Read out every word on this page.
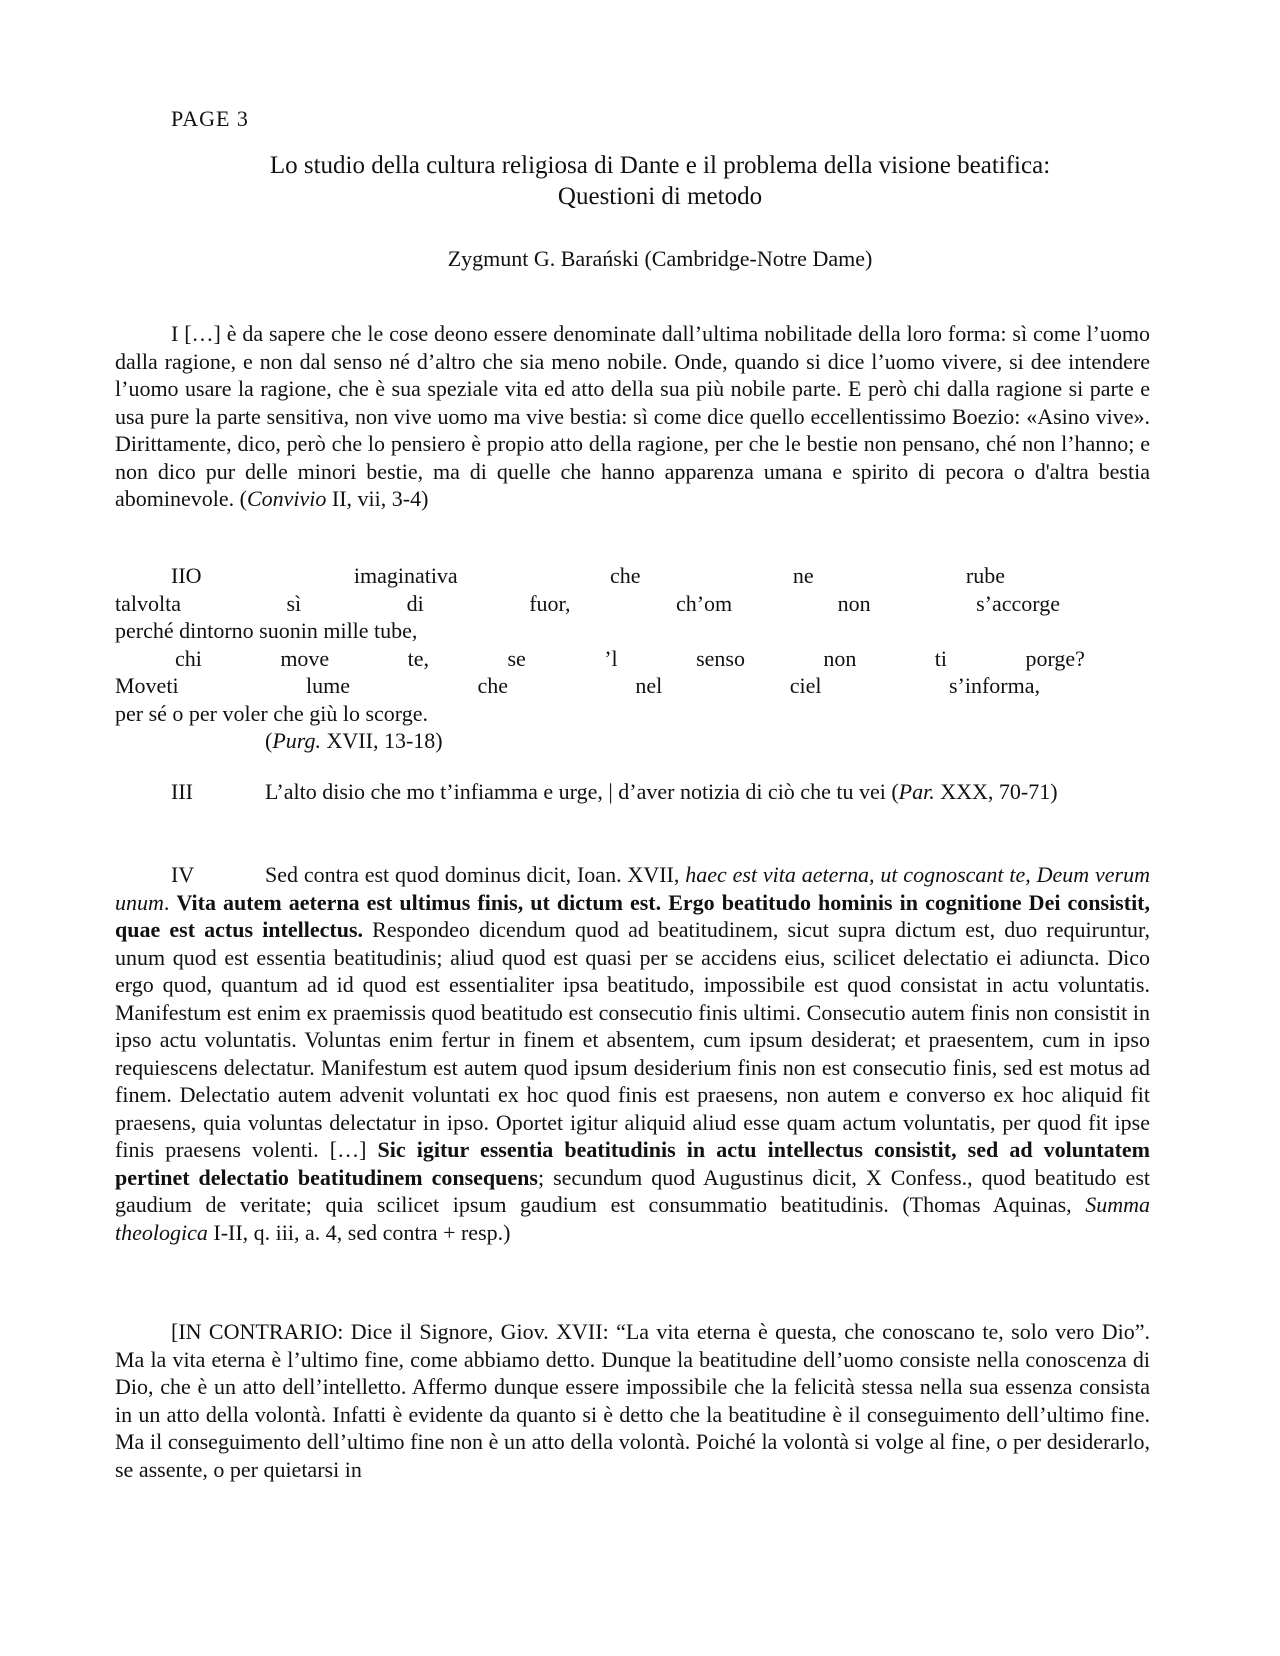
PAGE 3
Lo studio della cultura religiosa di Dante e il problema della visione beatifica:
Questioni di metodo
Zygmunt G. Barański (Cambridge-Notre Dame)
I […] è da sapere che le cose deono essere denominate dall’ultima nobilitade della loro forma: sì come l’uomo dalla ragione, e non dal senso né d’altro che sia meno nobile. Onde, quando si dice l’uomo vivere, si dee intendere l’uomo usare la ragione, che è sua speziale vita ed atto della sua più nobile parte. E però chi dalla ragione si parte e usa pure la parte sensitiva, non vive uomo ma vive bestia: sì come dice quello eccellentissimo Boezio: «Asino vive». Dirittamente, dico, però che lo pensiero è propio atto della ragione, per che le bestie non pensano, ché non l’hanno; e non dico pur delle minori bestie, ma di quelle che hanno apparenza umana e spirito di pecora o d'altra bestia abominevole. (Convivio II, vii, 3-4)
IIO	imaginativa	che	ne	rube
talvolta	sì	di	fuor,	ch’om	non	s’accorge
perché dintorno suonin mille tube,
chi	move	te,	se	’l	senso	non	ti	porge?
Moveti	lume	che	nel	ciel	s’informa,
per sé o per voler che giù lo scorge.
(Purg. XVII, 13-18)
III	L’alto disio che mo t’infiamma e urge, | d’aver notizia di ciò che tu vei (Par. XXX, 70-71)
IV	Sed contra est quod dominus dicit, Ioan. XVII, haec est vita aeterna, ut cognoscant te, Deum verum unum. Vita autem aeterna est ultimus finis, ut dictum est. Ergo beatitudo hominis in cognitione Dei consistit, quae est actus intellectus. Respondeo dicendum quod ad beatitudinem, sicut supra dictum est, duo requiruntur, unum quod est essentia beatitudinis; aliud quod est quasi per se accidens eius, scilicet delectatio ei adiuncta. Dico ergo quod, quantum ad id quod est essentialiter ipsa beatitudo, impossibile est quod consistat in actu voluntatis. Manifestum est enim ex praemissis quod beatitudo est consecutio finis ultimi. Consecutio autem finis non consistit in ipso actu voluntatis. Voluntas enim fertur in finem et absentem, cum ipsum desiderat; et praesentem, cum in ipso requiescens delectatur. Manifestum est autem quod ipsum desiderium finis non est consecutio finis, sed est motus ad finem. Delectatio autem advenit voluntati ex hoc quod finis est praesens, non autem e converso ex hoc aliquid fit praesens, quia voluntas delectatur in ipso. Oportet igitur aliquid aliud esse quam actum voluntatis, per quod fit ipse finis praesens volenti. […] Sic igitur essentia beatitudinis in actu intellectus consistit, sed ad voluntatem pertinet delectatio beatitudinem consequens; secundum quod Augustinus dicit, X Confess., quod beatitudo est gaudium de veritate; quia scilicet ipsum gaudium est consummatio beatitudinis. (Thomas Aquinas, Summa theologica I-II, q. iii, a. 4, sed contra + resp.)
[IN CONTRARIO: Dice il Signore, Giov. XVII: “La vita eterna è questa, che conoscano te, solo vero Dio”. Ma la vita eterna è l’ultimo fine, come abbiamo detto. Dunque la beatitudine dell’uomo consiste nella conoscenza di Dio, che è un atto dell’intelletto. Affermo dunque essere impossibile che la felicità stessa nella sua essenza consista in un atto della volontà. Infatti è evidente da quanto si è detto che la beatitudine è il conseguimento dell’ultimo fine. Ma il conseguimento dell’ultimo fine non è un atto della volontà. Poiché la volontà si volge al fine, o per desiderarlo, se assente, o per quietarsi in
